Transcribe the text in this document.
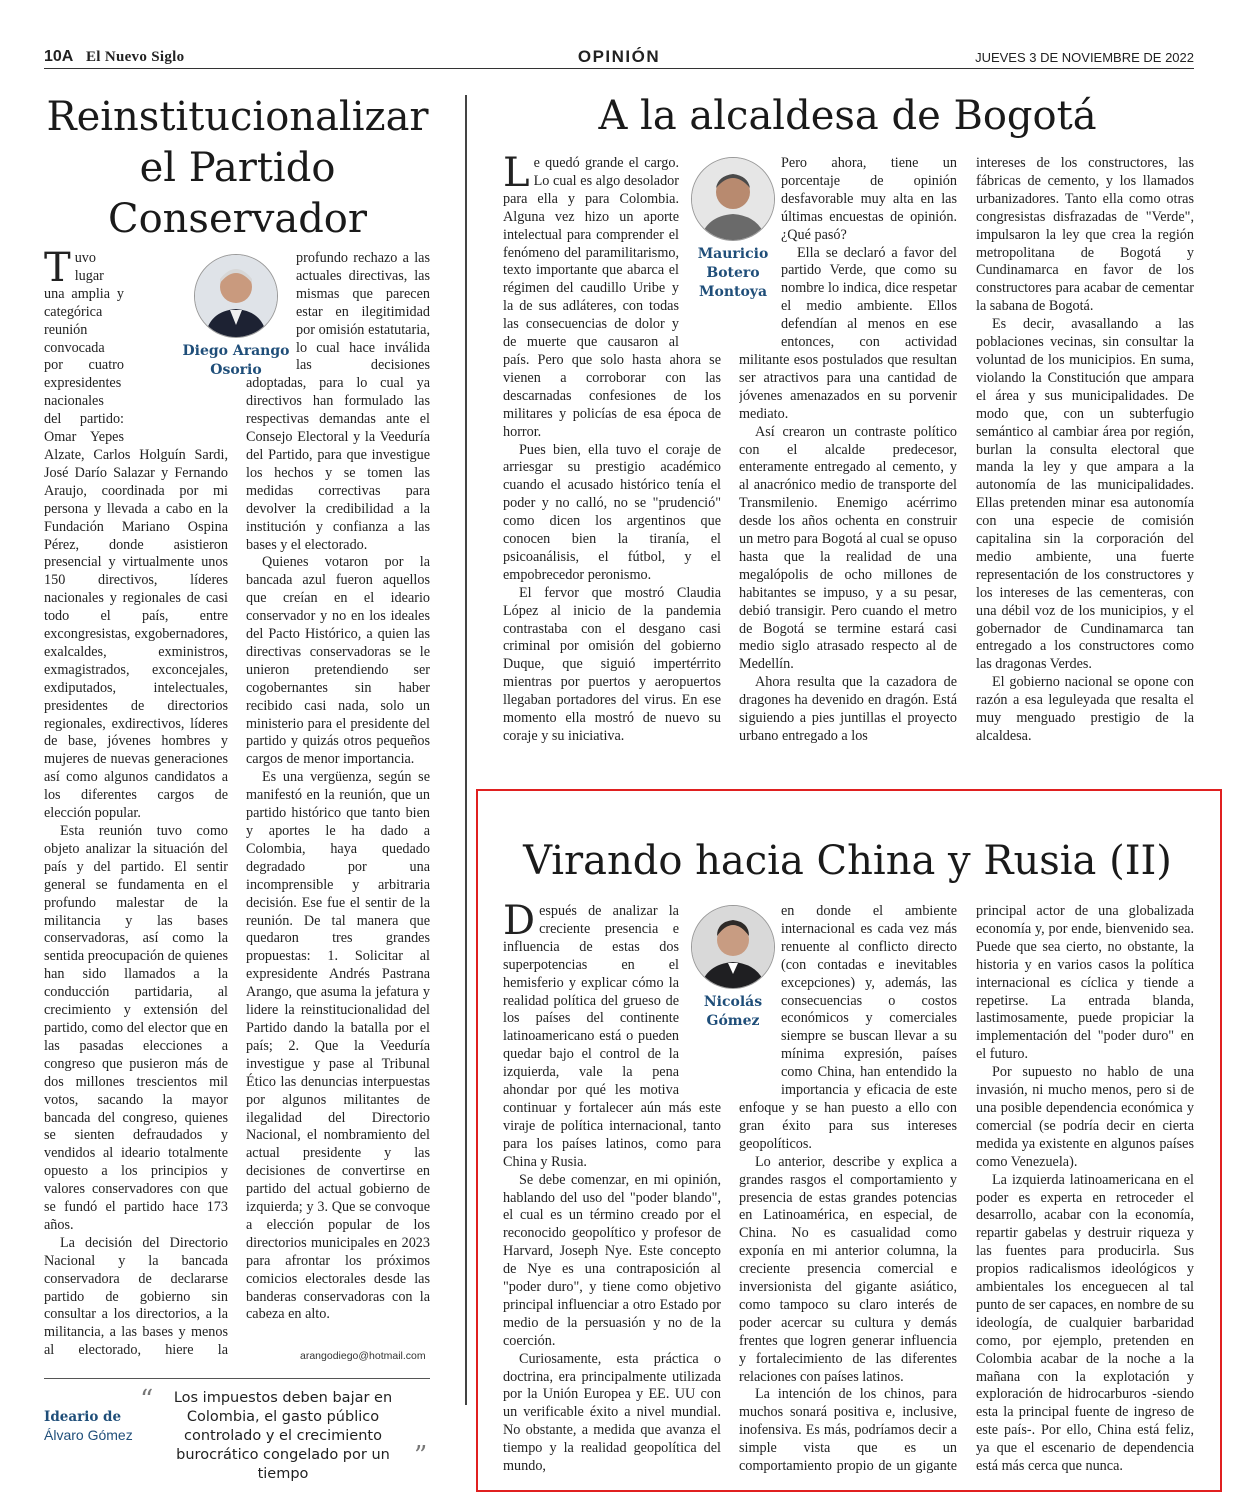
10A El Nuevo Siglo	OPINIÓN	JUEVES 3 DE NOVIEMBRE DE 2022
Reinstitucionalizar el Partido Conservador

Tuvo lugar una amplia y categórica reunión convocada por cuatro expresidentes nacionales del partido: Omar Yepes Alzate, Carlos Holguín Sardi, José Darío Salazar y Fernando Araujo, coordinada por mi persona y llevada a cabo en la Fundación Mariano Ospina Pérez, donde asistieron presencial y virtualmente unos 150 directivos, líderes nacionales y regionales de casi todo el país, entre excongresistas, exgobernadores, exalcaldes, exministros, exmagistrados, exconcejales, exdiputados, intelectuales, presidentes de directorios regionales, exdirectivos, líderes de base, jóvenes hombres y mujeres de nuevas generaciones así como algunos candidatos a los diferentes cargos de elección popular.

Esta reunión tuvo como objeto analizar la situación del país y del partido. El sentir general se fundamenta en el profundo malestar de la militancia y las bases conservadoras, así como la sentida preocupación de quienes han sido llamados a la conducción partidaria, al crecimiento y extensión del partido, como del elector que en las pasadas elecciones a congreso que pusieron más de dos millones trescientos mil votos, sacando la mayor bancada del congreso, quienes se sienten defraudados y vendidos al ideario totalmente opuesto a los principios y valores conservadores con que se fundó el partido hace 173 años.

La decisión del Directorio Nacional y la bancada conservadora de declararse partido de gobierno sin consultar a los directorios, a la militancia, a las bases y menos al electorado, hiere la

Diego Arango Osorio

profundo rechazo a las actuales directivas, las mismas que parecen estar en ilegitimidad por omisión estatutaria, lo cual hace inválida las decisiones adoptadas, para lo cual ya directivos han formulado las respectivas demandas ante el Consejo Electoral y la Veeduría del Partido, para que investigue los hechos y se tomen las medidas correctivas para devolver la credibilidad a la institución y confianza a las bases y el electorado.

Quienes votaron por la bancada azul fueron aquellos que creían en el ideario conservador y no en los ideales del Pacto Histórico, a quien las directivas conservadoras se le unieron pretendiendo ser cogobernantes sin haber recibido casi nada, solo un ministerio para el presidente del partido y quizás otros pequeños cargos de menor importancia.

Es una vergüenza, según se manifestó en la reunión, que un partido histórico que tanto bien y aportes le ha dado a Colombia, haya quedado degradado por una incomprensible y arbitraria decisión. Ese fue el sentir de la reunión. De tal manera que quedaron tres grandes propuestas: 1. Solicitar al expresidente Andrés Pastrana Arango, que asuma la jefatura y lidere la reinstitucionalidad del Partido dando la batalla por el país; 2. Que la Veeduría investigue y pase al Tribunal Ético las denuncias interpuestas por algunos militantes de ilegalidad del Directorio Nacional, el nombramiento del actual presidente y las decisiones de convertirse en partido del actual gobierno de izquierda; y 3. Que se convoque a elección popular de los directorios municipales en 2023 para afrontar los próximos comicios electorales desde las banderas conservadoras con la cabeza en alto.

arangodiego@hotmail.com
Ideario de
Álvaro Gómez
“	Los impuestos deben bajar en Colombia, el gasto público controlado y el crecimiento burocrático congelado por un tiempo
”
A la alcaldesa de Bogotá

Le quedó grande el cargo. Lo cual es algo desolador para ella y para Colombia. Alguna vez hizo un aporte intelectual para comprender el fenómeno del paramilitarismo, texto importante que abarca el régimen del caudillo Uribe y la de sus adláteres, con todas las consecuencias de dolor y de muerte que causaron al país. Pero que solo hasta ahora se vienen a corroborar con las descarnadas confesiones de los militares y policías de esa época de horror.

Pues bien, ella tuvo el coraje de arriesgar su prestigio académico cuando el acusado histórico tenía el poder y no calló, no se "prudenció" como dicen los argentinos que conocen bien la tiranía, el psicoanálisis, el fútbol, y el empobrecedor peronismo.

El fervor que mostró Claudia López al inicio de la pandemia contrastaba con el desgano casi criminal por omisión del gobierno Duque, que siguió impertérrito mientras por puertos y aeropuertos llegaban portadores del virus. En ese momento ella mostró de nuevo su coraje y su iniciativa.

Mauricio Botero Montoya

Pero ahora, tiene un porcentaje de opinión desfavorable muy alta en las últimas encuestas de opinión. ¿Qué pasó?

Ella se declaró a favor del partido Verde, que como su nombre lo indica, dice respetar el medio ambiente. Ellos defendían al menos en ese entonces, con actividad militante esos postulados que resultan ser atractivos para una cantidad de jóvenes amenazados en su porvenir mediato.

Así crearon un contraste político con el alcalde predecesor, enteramente entregado al cemento, y al anacrónico medio de transporte del Transmilenio. Enemigo acérrimo desde los años ochenta en construir un metro para Bogotá al cual se opuso hasta que la realidad de una megalópolis de ocho millones de habitantes se impuso, y a su pesar, debió transigir. Pero cuando el metro de Bogotá se termine estará casi medio siglo atrasado respecto al de Medellín.

Ahora resulta que la cazadora de dragones ha devenido en dragón. Está siguiendo a pies juntillas el proyecto urbano entregado a los

intereses de los constructores, las fábricas de cemento, y los llamados urbanizadores. Tanto ella como otras congresistas disfrazadas de "Verde", impulsaron la ley que crea la región metropolitana de Bogotá y Cundinamarca en favor de los constructores para acabar de cementar la sabana de Bogotá.

Es decir, avasallando a las poblaciones vecinas, sin consultar la voluntad de los municipios. En suma, violando la Constitución que ampara el área y sus municipalidades. De modo que, con un subterfugio semántico al cambiar área por región, burlan la consulta electoral que manda la ley y que ampara a la autonomía de las municipalidades. Ellas pretenden minar esa autonomía con una especie de comisión capitalina sin la corporación del medio ambiente, una fuerte representación de los constructores y los intereses de las cementeras, con una débil voz de los municipios, y el gobernador de Cundinamarca tan entregado a los constructores como las dragonas Verdes.

El gobierno nacional se opone con razón a esa leguleyada que resalta el muy menguado prestigio de la alcaldesa.

Virando hacia China y Rusia (II)

Después de analizar la creciente presencia e influencia de estas dos superpotencias en el hemisferio y explicar cómo la realidad política del grueso de los países del continente latinoamericano está o pueden quedar bajo el control de la izquierda, vale la pena ahondar por qué les motiva continuar y fortalecer aún más este viraje de política internacional, tanto para los países latinos, como para China y Rusia.

Se debe comenzar, en mi opinión, hablando del uso del "poder blando", el cual es un término creado por el reconocido geopolítico y profesor de Harvard, Joseph Nye. Este concepto de Nye es una contraposición al "poder duro", y tiene como objetivo principal influenciar a otro Estado por medio de la persuasión y no de la coerción.

Curiosamente, esta práctica o doctrina, era principalmente utilizada por la Unión Europea y EE. UU con un verificable éxito a nivel mundial. No obstante, a medida que avanza el tiempo y la realidad geopolítica del mundo,

Nicolás Gómez

en donde el ambiente internacional es cada vez más renuente al conflicto directo (con contadas e inevitables excepciones) y, además, las consecuencias o costos económicos y comerciales siempre se buscan llevar a su mínima expresión, países como China, han entendido la importancia y eficacia de este enfoque y se han puesto a ello con gran éxito para sus intereses geopolíticos.

Lo anterior, describe y explica a grandes rasgos el comportamiento y presencia de estas grandes potencias en Latinoamérica, en especial, de China. No es casualidad como exponía en mi anterior columna, la creciente presencia comercial e inversionista del gigante asiático, como tampoco su claro interés de poder acercar su cultura y demás frentes que logren generar influencia y fortalecimiento de las diferentes relaciones con países latinos.

La intención de los chinos, para muchos sonará positiva e, inclusive, inofensiva. Es más, podríamos decir a simple vista que es un comportamiento propio de un gigante

principal actor de una globalizada economía y, por ende, bienvenido sea. Puede que sea cierto, no obstante, la historia y en varios casos la política internacional es cíclica y tiende a repetirse. La entrada blanda, lastimosamente, puede propiciar la implementación del "poder duro" en el futuro.

Por supuesto no hablo de una invasión, ni mucho menos, pero si de una posible dependencia económica y comercial (se podría decir en cierta medida ya existente en algunos países como Venezuela).

La izquierda latinoamericana en el poder es experta en retroceder el desarrollo, acabar con la economía, repartir gabelas y destruir riqueza y las fuentes para producirla. Sus propios radicalismos ideológicos y ambientales los enceguecen al tal punto de ser capaces, en nombre de su ideología, de cualquier barbaridad como, por ejemplo, pretenden en Colombia acabar de la noche a la mañana con la explotación y exploración de hidrocarburos -siendo esta la principal fuente de ingreso de este país-. Por ello, China está feliz, ya que el escenario de dependencia está más cerca que nunca.
